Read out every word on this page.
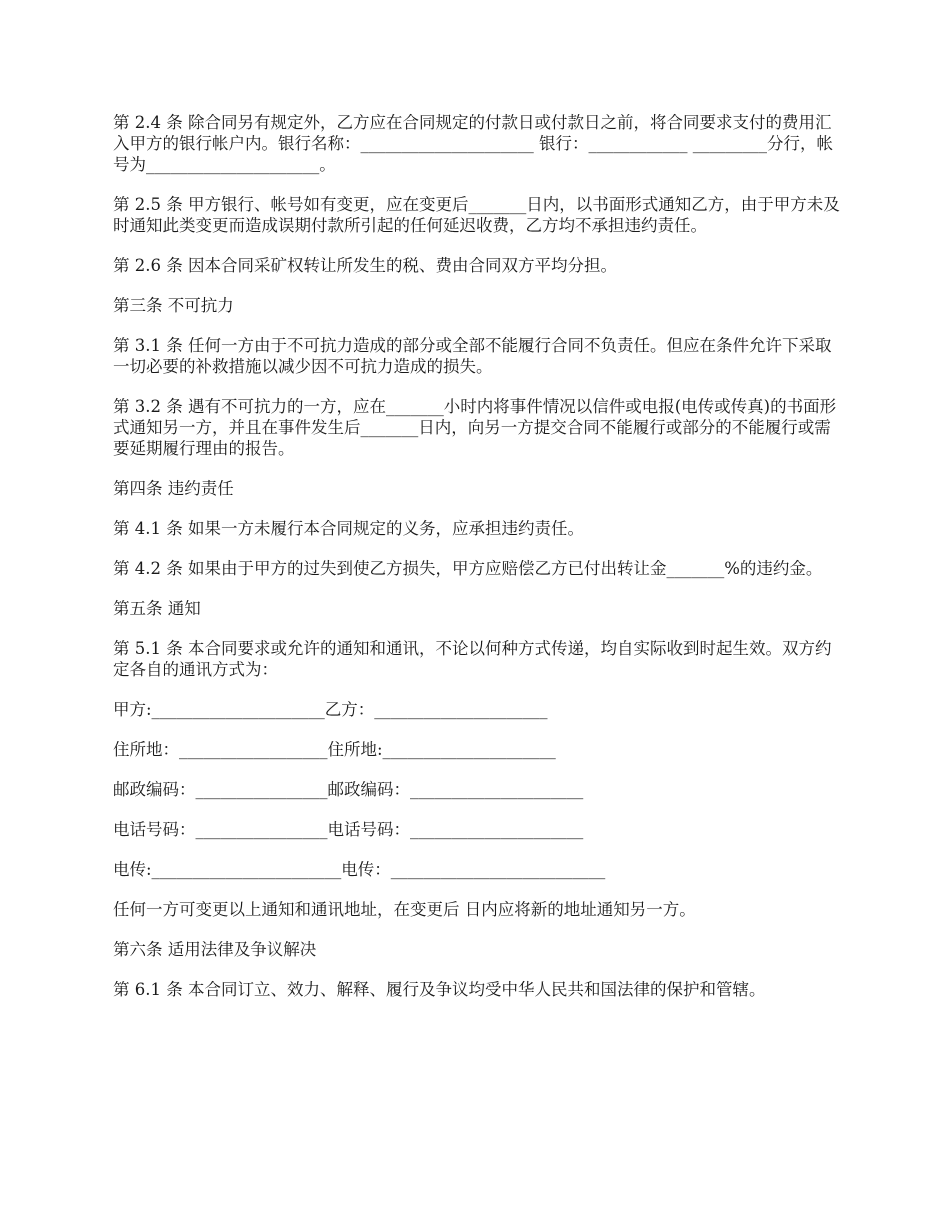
第 2.4 条 除合同另有规定外，乙方应在合同规定的付款日或付款日之前，将合同要求支付的费用汇入甲方的银行帐户内。银行名称：_____________________ 银行：____________ _________分行，帐号为_____________________。

第 2.5 条 甲方银行、帐号如有变更，应在变更后_______日内，以书面形式通知乙方，由于甲方未及时通知此类变更而造成误期付款所引起的任何延迟收费，乙方均不承担违约责任。

第 2.6 条 因本合同采矿权转让所发生的税、费由合同双方平均分担。

第三条 不可抗力

第 3.1 条 任何一方由于不可抗力造成的部分或全部不能履行合同不负责任。但应在条件允许下采取一切必要的补救措施以减少因不可抗力造成的损失。

第 3.2 条 遇有不可抗力的一方，应在_______小时内将事件情况以信件或电报(电传或传真)的书面形式通知另一方，并且在事件发生后_______日内，向另一方提交合同不能履行或部分的不能履行或需要延期履行理由的报告。

第四条 违约责任

第 4.1 条 如果一方未履行本合同规定的义务，应承担违约责任。

第 4.2 条 如果由于甲方的过失到使乙方损失，甲方应赔偿乙方已付出转让金_______%的违约金。

第五条 通知

第 5.1 条 本合同要求或允许的通知和通讯，不论以何种方式传递，均自实际收到时起生效。双方约定各自的通讯方式为：

甲方:_____________________乙方：_____________________

住所地：__________________住所地:_____________________

邮政编码：________________邮政编码：_____________________

电话号码：________________电话号码：_____________________

电传:_______________________电传：__________________________

任何一方可变更以上通知和通讯地址，在变更后 日内应将新的地址通知另一方。

第六条 适用法律及争议解决

第 6.1 条 本合同订立、效力、解释、履行及争议均受中华人民共和国法律的保护和管辖。
